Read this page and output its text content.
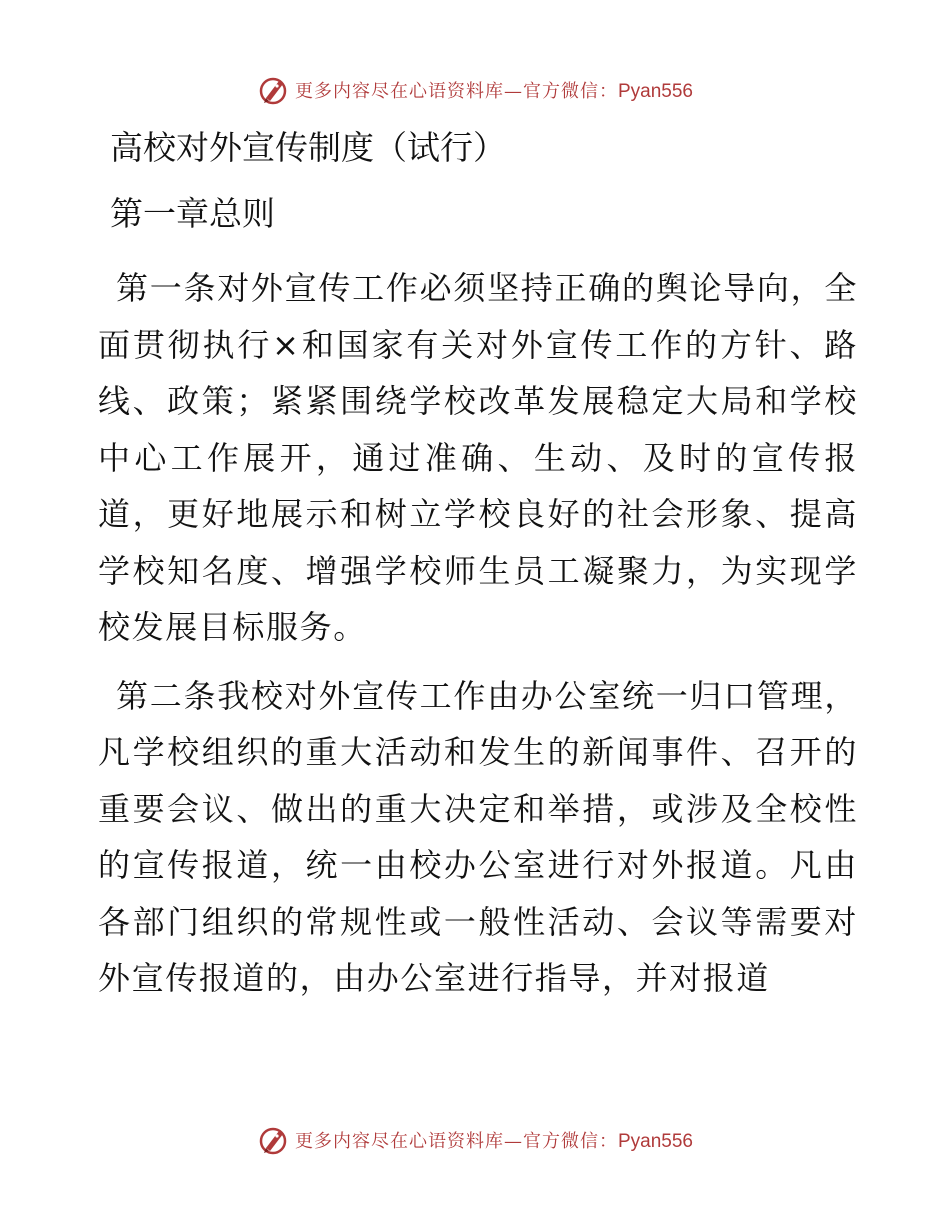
更多内容尽在心语资料库—官方微信：Pyan556
高校对外宣传制度（试行）
第一章总则

第一条对外宣传工作必须坚持正确的舆论导向，全面贯彻执行×和国家有关对外宣传工作的方针、路线、政策；紧紧围绕学校改革发展稳定大局和学校中心工作展开，通过准确、生动、及时的宣传报道，更好地展示和树立学校良好的社会形象、提高学校知名度、增强学校师生员工凝聚力，为实现学校发展目标服务。

第二条我校对外宣传工作由办公室统一归口管理，凡学校组织的重大活动和发生的新闻事件、召开的重要会议、做出的重大决定和举措，或涉及全校性的宣传报道，统一由校办公室进行对外报道。凡由各部门组织的常规性或一般性活动、会议等需要对外宣传报道的，由办公室进行指导，并对报道

更多内容尽在心语资料库—官方微信：Pyan556
